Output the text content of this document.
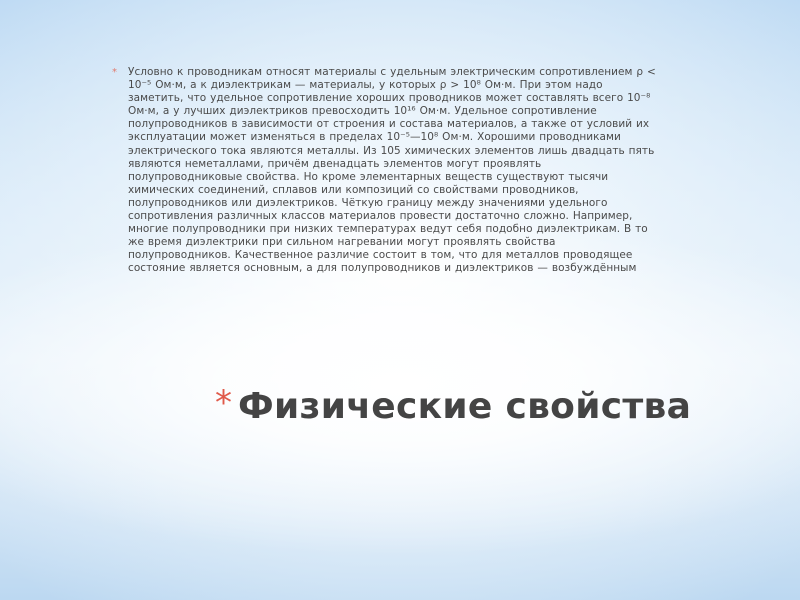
*	Условно к проводникам относят материалы с удельным электрическим сопротивлением ρ < 10⁻⁵ Ом·м, а к диэлектрикам — материалы, у которых ρ > 10⁸ Ом·м. При этом надо заметить, что удельное сопротивление хороших проводников может составлять всего 10⁻⁸ Ом·м, а у лучших диэлектриков превосходить 10¹⁶ Ом·м. Удельное сопротивление полупроводников в зависимости от строения и состава материалов, а также от условий их эксплуатации может изменяться в пределах 10⁻⁵—10⁸ Ом·м. Хорошими проводниками электрического тока являются металлы. Из 105 химических элементов лишь двадцать пять являются неметаллами, причём двенадцать элементов могут проявлять полупроводниковые свойства. Но кроме элементарных веществ существуют тысячи химических соединений, сплавов или композиций со свойствами проводников, полупроводников или диэлектриков. Чёткую границу между значениями удельного сопротивления различных классов материалов провести достаточно сложно. Например, многие полупроводники при низких температурах ведут себя подобно диэлектрикам. В то же время диэлектрики при сильном нагревании могут проявлять свойства полупроводников. Качественное различие состоит в том, что для металлов проводящее состояние является основным, а для полупроводников и диэлектриков — возбуждённым
* Физические свойства
